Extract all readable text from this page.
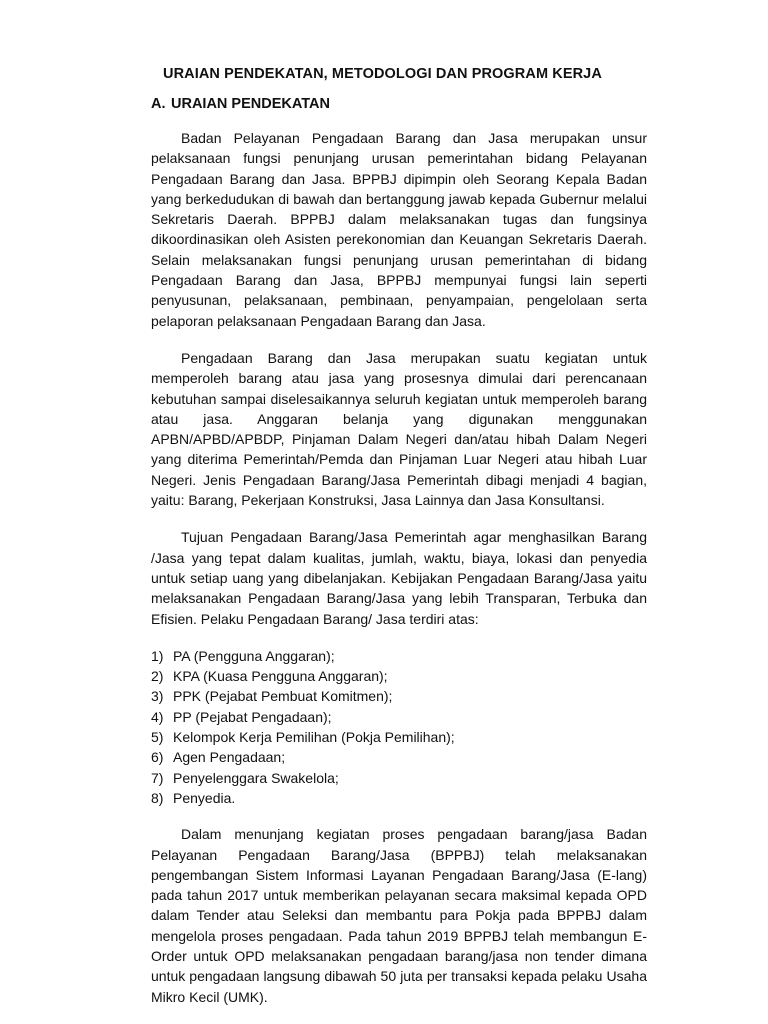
URAIAN PENDEKATAN, METODOLOGI DAN PROGRAM KERJA
A. URAIAN PENDEKATAN

Badan Pelayanan Pengadaan Barang dan Jasa merupakan unsur pelaksanaan fungsi penunjang urusan pemerintahan bidang Pelayanan Pengadaan Barang dan Jasa. BPPBJ dipimpin oleh Seorang Kepala Badan yang berkedudukan di bawah dan bertanggung jawab kepada Gubernur melalui Sekretaris Daerah. BPPBJ dalam melaksanakan tugas dan fungsinya dikoordinasikan oleh Asisten perekonomian dan Keuangan Sekretaris Daerah. Selain melaksanakan fungsi penunjang urusan pemerintahan di bidang Pengadaan Barang dan Jasa, BPPBJ mempunyai fungsi lain seperti penyusunan, pelaksanaan, pembinaan, penyampaian, pengelolaan serta pelaporan pelaksanaan Pengadaan Barang dan Jasa.

Pengadaan Barang dan Jasa merupakan suatu kegiatan untuk memperoleh barang atau jasa yang prosesnya dimulai dari perencanaan kebutuhan sampai diselesaikannya seluruh kegiatan untuk memperoleh barang atau jasa. Anggaran belanja yang digunakan menggunakan APBN/APBD/APBDP, Pinjaman Dalam Negeri dan/atau hibah Dalam Negeri yang diterima Pemerintah/Pemda dan Pinjaman Luar Negeri atau hibah Luar Negeri. Jenis Pengadaan Barang/Jasa Pemerintah dibagi menjadi 4 bagian, yaitu: Barang, Pekerjaan Konstruksi, Jasa Lainnya dan Jasa Konsultansi.

Tujuan Pengadaan Barang/Jasa Pemerintah agar menghasilkan Barang /Jasa yang tepat dalam kualitas, jumlah, waktu, biaya, lokasi dan penyedia untuk setiap uang yang dibelanjakan. Kebijakan Pengadaan Barang/Jasa yaitu melaksanakan Pengadaan Barang/Jasa yang lebih Transparan, Terbuka dan Efisien. Pelaku Pengadaan Barang/ Jasa terdiri atas:

1) PA (Pengguna Anggaran);
2) KPA (Kuasa Pengguna Anggaran);
3) PPK (Pejabat Pembuat Komitmen);
4) PP (Pejabat Pengadaan);
5) Kelompok Kerja Pemilihan (Pokja Pemilihan);
6) Agen Pengadaan;
7) Penyelenggara Swakelola;
8) Penyedia.

Dalam menunjang kegiatan proses pengadaan barang/jasa Badan Pelayanan Pengadaan Barang/Jasa (BPPBJ) telah melaksanakan pengembangan Sistem Informasi Layanan Pengadaan Barang/Jasa (E-lang) pada tahun 2017 untuk memberikan pelayanan secara maksimal kepada OPD dalam Tender atau Seleksi dan membantu para Pokja pada BPPBJ dalam mengelola proses pengadaan. Pada tahun 2019 BPPBJ telah membangun E-Order untuk OPD melaksanakan pengadaan barang/jasa non tender dimana untuk pengadaan langsung dibawah 50 juta per transaksi kepada pelaku Usaha Mikro Kecil (UMK).
